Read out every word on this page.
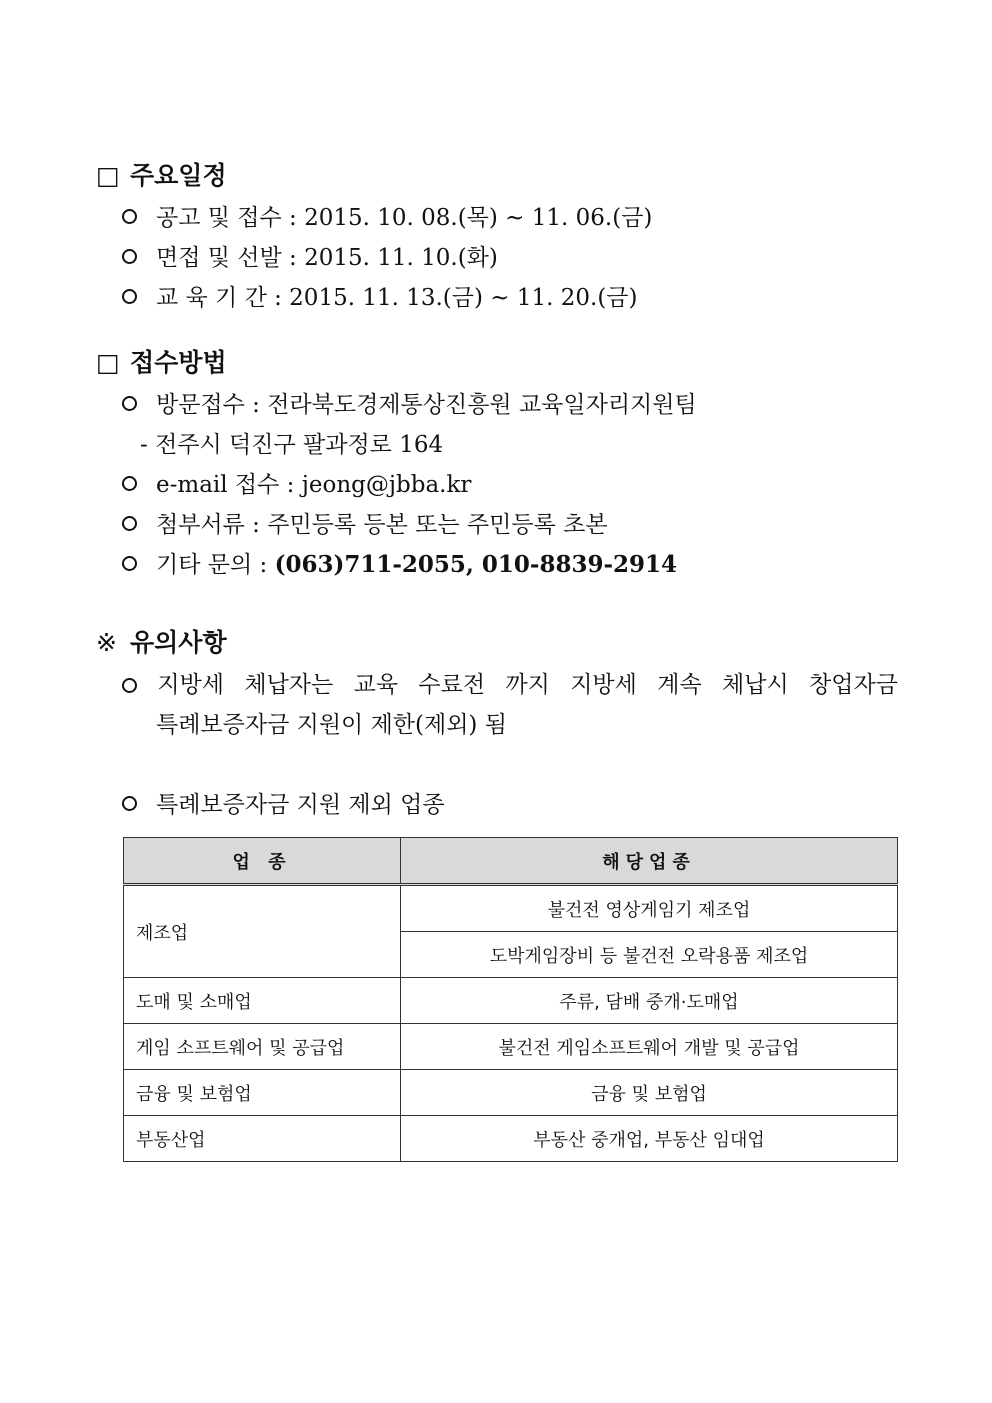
□ 주요일정
공고 및 접수 : 2015. 10. 08.(목) ~ 11. 06.(금)
면접 및 선발 : 2015. 11. 10.(화)
교 육 기 간 : 2015. 11. 13.(금) ~ 11. 20.(금)
□ 접수방법
방문접수 : 전라북도경제통상진흥원 교육일자리지원팀
- 전주시 덕진구 팔과정로 164
e-mail 접수 : jeong@jbba.kr
첨부서류 : 주민등록 등본 또는 주민등록 초본
기타 문의 : (063)711-2055, 010-8839-2914
※ 유의사항
지방세 체납자는 교육 수료전 까지 지방세 계속 체납시 창업자금
특례보증자금 지원이 제한(제외) 됨
특례보증자금 지원 제외 업종
업 종	해당업종
제조업	불건전 영상게임기 제조업
	도박게임장비 등 불건전 오락용품 제조업
도매 및 소매업	주류, 담배 중개·도매업
게임 소프트웨어 및 공급업	불건전 게임소프트웨어 개발 및 공급업
금융 및 보험업	금융 및 보험업
부동산업	부동산 중개업, 부동산 임대업
